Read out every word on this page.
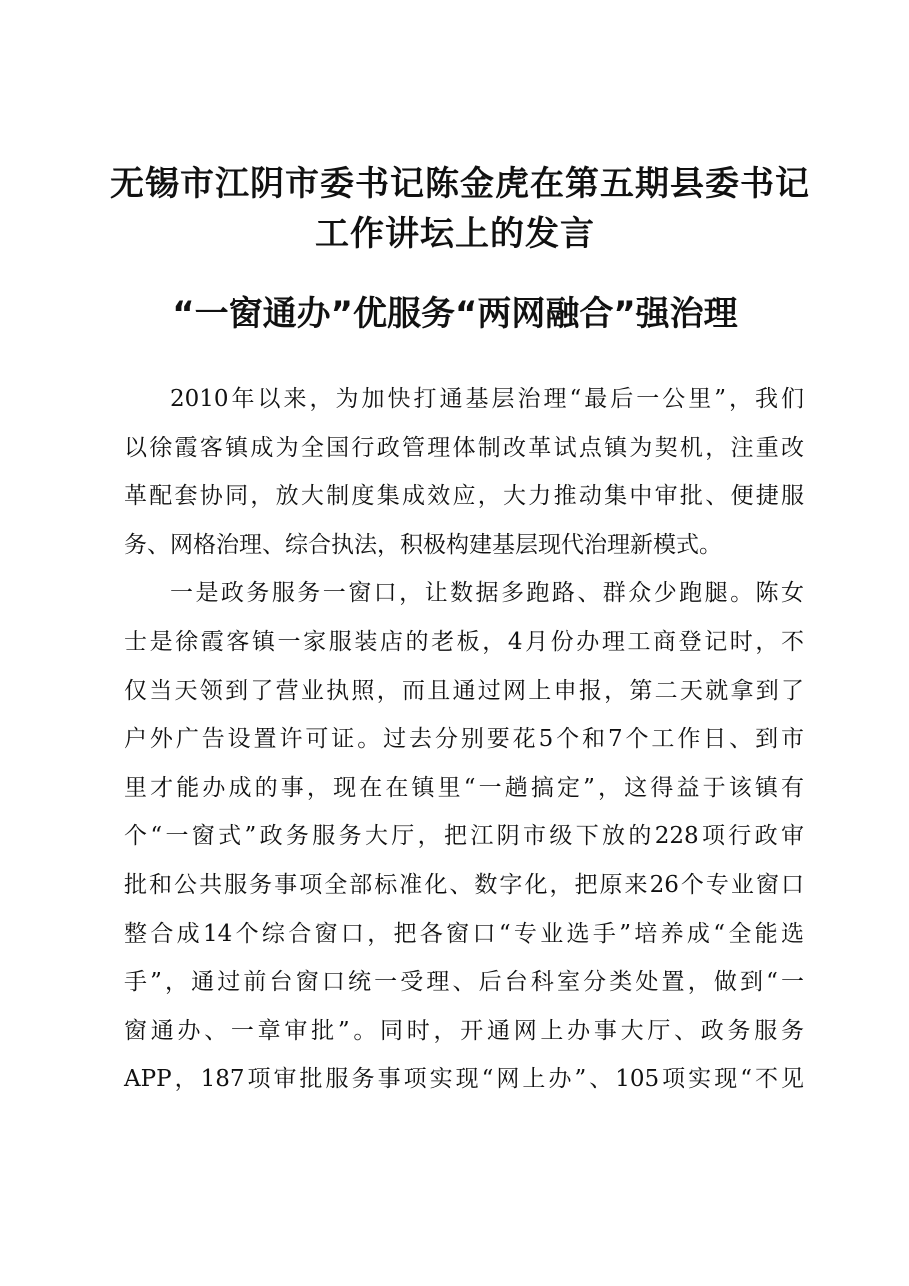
无锡市江阴市委书记陈金虎在第五期县委书记
工作讲坛上的发言
“一窗通办”优服务“两网融合”强治理
2010年以来，为加快打通基层治理“最后一公里”，我们
以徐霞客镇成为全国行政管理体制改革试点镇为契机，注重改
革配套协同，放大制度集成效应，大力推动集中审批、便捷服
务、网格治理、综合执法，积极构建基层现代治理新模式。
一是政务服务一窗口，让数据多跑路、群众少跑腿。陈女
士是徐霞客镇一家服装店的老板，4月份办理工商登记时，不
仅当天领到了营业执照，而且通过网上申报，第二天就拿到了
户外广告设置许可证。过去分别要花5个和7个工作日、到市
里才能办成的事，现在在镇里“一趟搞定”，这得益于该镇有
个“一窗式”政务服务大厅，把江阴市级下放的228项行政审
批和公共服务事项全部标准化、数字化，把原来26个专业窗口
整合成14个综合窗口，把各窗口“专业选手”培养成“全能选
手”，通过前台窗口统一受理、后台科室分类处置，做到“一
窗通办、一章审批”。同时，开通网上办事大厅、政务服务
APP，187项审批服务事项实现“网上办”、105项实现“不见
